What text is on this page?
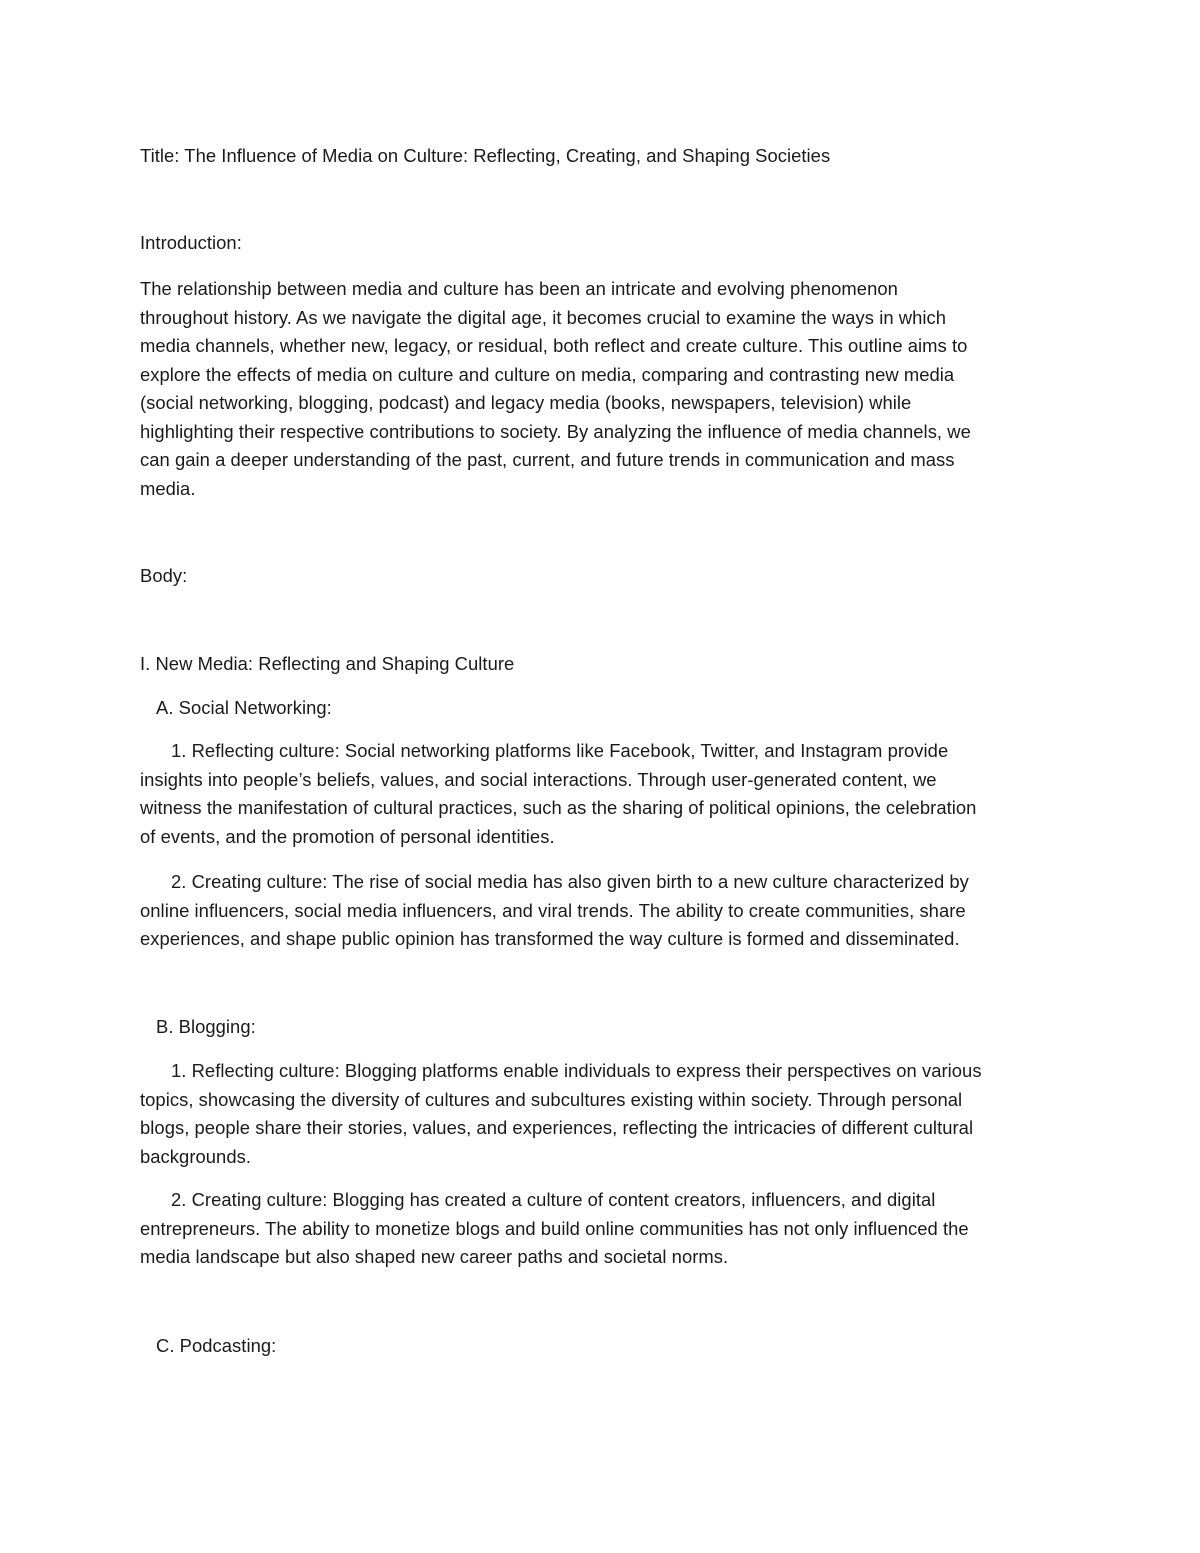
Title: The Influence of Media on Culture: Reflecting, Creating, and Shaping Societies

Introduction:

The relationship between media and culture has been an intricate and evolving phenomenon
throughout history. As we navigate the digital age, it becomes crucial to examine the ways in which
media channels, whether new, legacy, or residual, both reflect and create culture. This outline aims to
explore the effects of media on culture and culture on media, comparing and contrasting new media
(social networking, blogging, podcast) and legacy media (books, newspapers, television) while
highlighting their respective contributions to society. By analyzing the influence of media channels, we
can gain a deeper understanding of the past, current, and future trends in communication and mass
media.

Body:

I. New Media: Reflecting and Shaping Culture

A. Social Networking:

1. Reflecting culture: Social networking platforms like Facebook, Twitter, and Instagram provide
insights into people’s beliefs, values, and social interactions. Through user-generated content, we
witness the manifestation of cultural practices, such as the sharing of political opinions, the celebration
of events, and the promotion of personal identities.
2. Creating culture: The rise of social media has also given birth to a new culture characterized by
online influencers, social media influencers, and viral trends. The ability to create communities, share
experiences, and shape public opinion has transformed the way culture is formed and disseminated.

B. Blogging:

1. Reflecting culture: Blogging platforms enable individuals to express their perspectives on various
topics, showcasing the diversity of cultures and subcultures existing within society. Through personal
blogs, people share their stories, values, and experiences, reflecting the intricacies of different cultural
backgrounds.
2. Creating culture: Blogging has created a culture of content creators, influencers, and digital
entrepreneurs. The ability to monetize blogs and build online communities has not only influenced the
media landscape but also shaped new career paths and societal norms.

C. Podcasting:
